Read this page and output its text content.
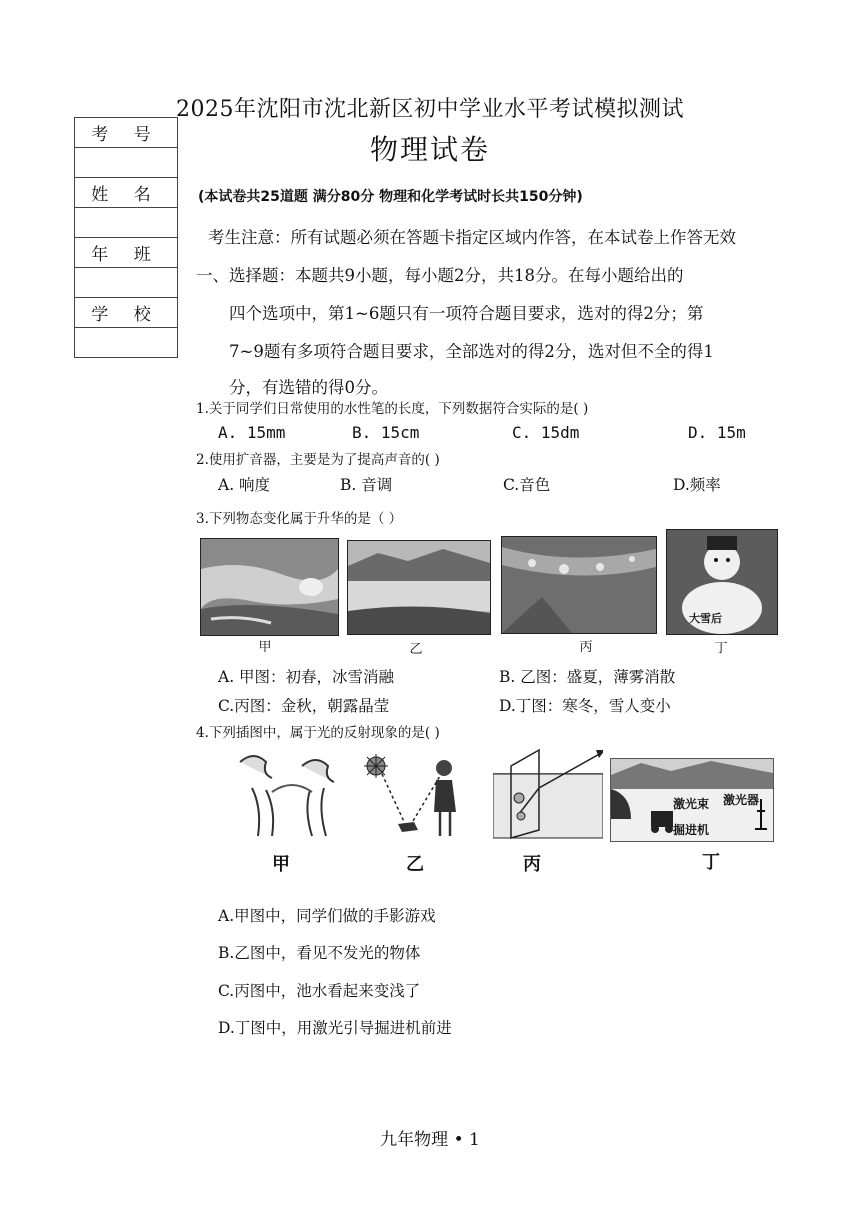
2025年沈阳市沈北新区初中学业水平考试模拟测试
物理试卷
考 号

姓 名

年 班

学 校

(本试卷共25道题 满分80分 物理和化学考试时长共150分钟)
考生注意：所有试题必须在答题卡指定区域内作答，在本试卷上作答无效
一、选择题：本题共9小题，每小题2分，共18分。在每小题给出的
四个选项中，第1~6题只有一项符合题目要求，选对的得2分；第
7~9题有多项符合题目要求，全部选对的得2分，选对但不全的得1
分，有选错的得0分。
1.关于同学们日常使用的水性笔的长度，下列数据符合实际的是( )
A. 15mm	B. 15cm	C. 15dm	D. 15m
2.使用扩音器，主要是为了提高声音的( )
A. 响度	B. 音调	C.音色	D.频率
3.下列物态变化属于升华的是（ ）
大雪后
甲	乙	丙	丁
A. 甲图：初春，冰雪消融	B. 乙图：盛夏，薄雾消散
C.丙图：金秋，朝露晶莹	D.丁图：寒冬，雪人变小
4.下列插图中，属于光的反射现象的是( )
激光束 激光器
掘进机
甲	乙	丙	丁
A.甲图中，同学们做的手影游戏
B.乙图中，看见不发光的物体
C.丙图中，池水看起来变浅了
D.丁图中，用激光引导掘进机前进
九年物理 • 1
